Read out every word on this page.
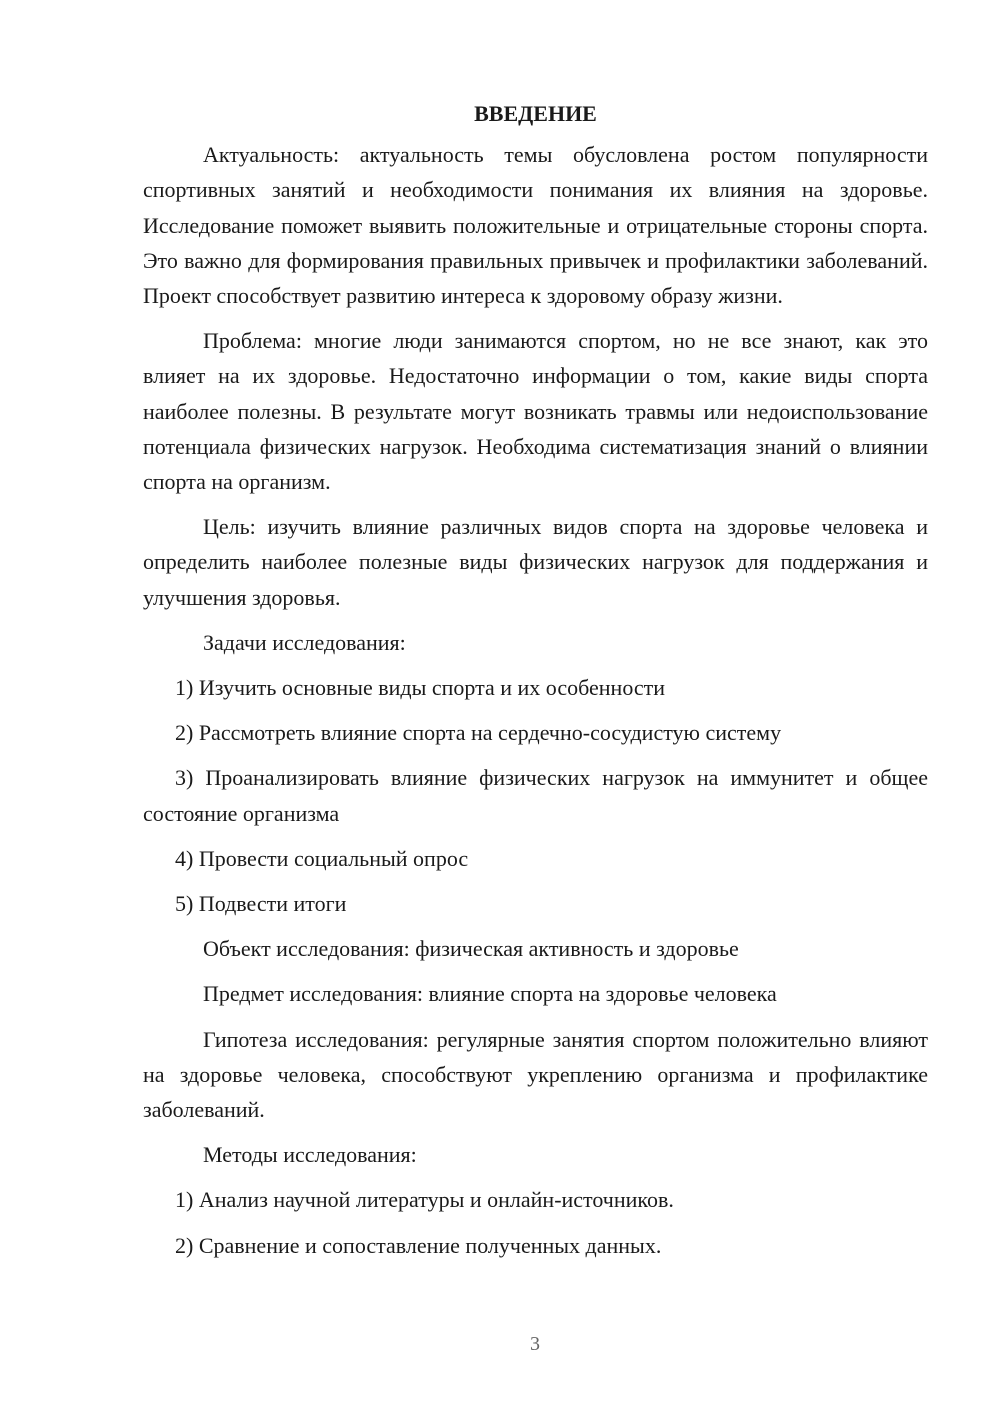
ВВЕДЕНИЕ

Актуальность: актуальность темы обусловлена ростом популярности спортивных занятий и необходимости понимания их влияния на здоровье. Исследование поможет выявить положительные и отрицательные стороны спорта. Это важно для формирования правильных привычек и профилактики заболеваний. Проект способствует развитию интереса к здоровому образу жизни.

Проблема: многие люди занимаются спортом, но не все знают, как это влияет на их здоровье. Недостаточно информации о том, какие виды спорта наиболее полезны. В результате могут возникать травмы или недоиспользование потенциала физических нагрузок. Необходима систематизация знаний о влиянии спорта на организм.

Цель: изучить влияние различных видов спорта на здоровье человека и определить наиболее полезные виды физических нагрузок для поддержания и улучшения здоровья.

Задачи исследования:

1) Изучить основные виды спорта и их особенности

2) Рассмотреть влияние спорта на сердечно-сосудистую систему

3) Проанализировать влияние физических нагрузок на иммунитет и общее состояние организма

4) Провести социальный опрос

5) Подвести итоги

Объект исследования: физическая активность и здоровье

Предмет исследования: влияние спорта на здоровье человека

Гипотеза исследования: регулярные занятия спортом положительно влияют на здоровье человека, способствуют укреплению организма и профилактике заболеваний.

Методы исследования:

1) Анализ научной литературы и онлайн-источников.

2) Сравнение и сопоставление полученных данных.

3
